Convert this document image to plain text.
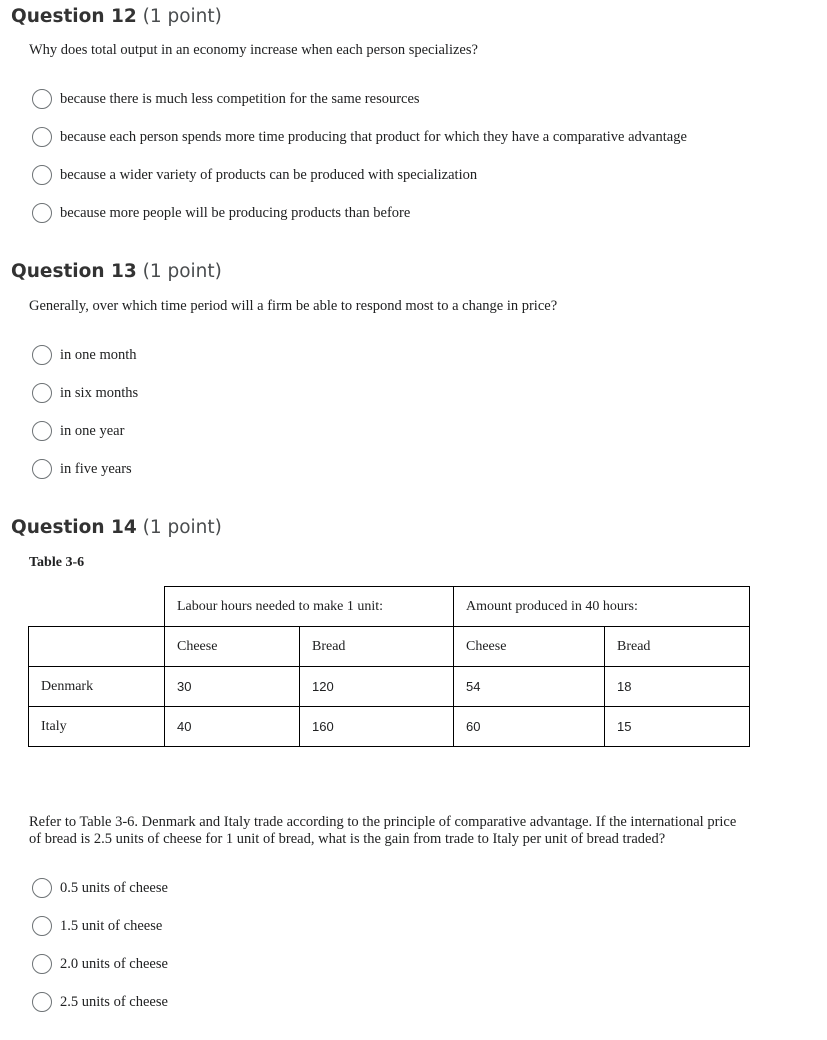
Question 12 (1 point)
Why does total output in an economy increase when each person specializes?
because there is much less competition for the same resources
because each person spends more time producing that product for which they have a comparative advantage
because a wider variety of products can be produced with specialization
because more people will be producing products than before
Question 13 (1 point)
Generally, over which time period will a firm be able to respond most to a change in price?
in one month
in six months
in one year
in five years
Question 14 (1 point)
Table 3-6
Labour hours needed to make 1 unit:	Amount produced in 40 hours:
Cheese	Bread	Cheese	Bread
Denmark	30	120	54	18
Italy	40	160	60	15
Refer to Table 3-6. Denmark and Italy trade according to the principle of comparative advantage. If the international price of bread is 2.5 units of cheese for 1 unit of bread, what is the gain from trade to Italy per unit of bread traded?
0.5 units of cheese
1.5 unit of cheese
2.0 units of cheese
2.5 units of cheese
